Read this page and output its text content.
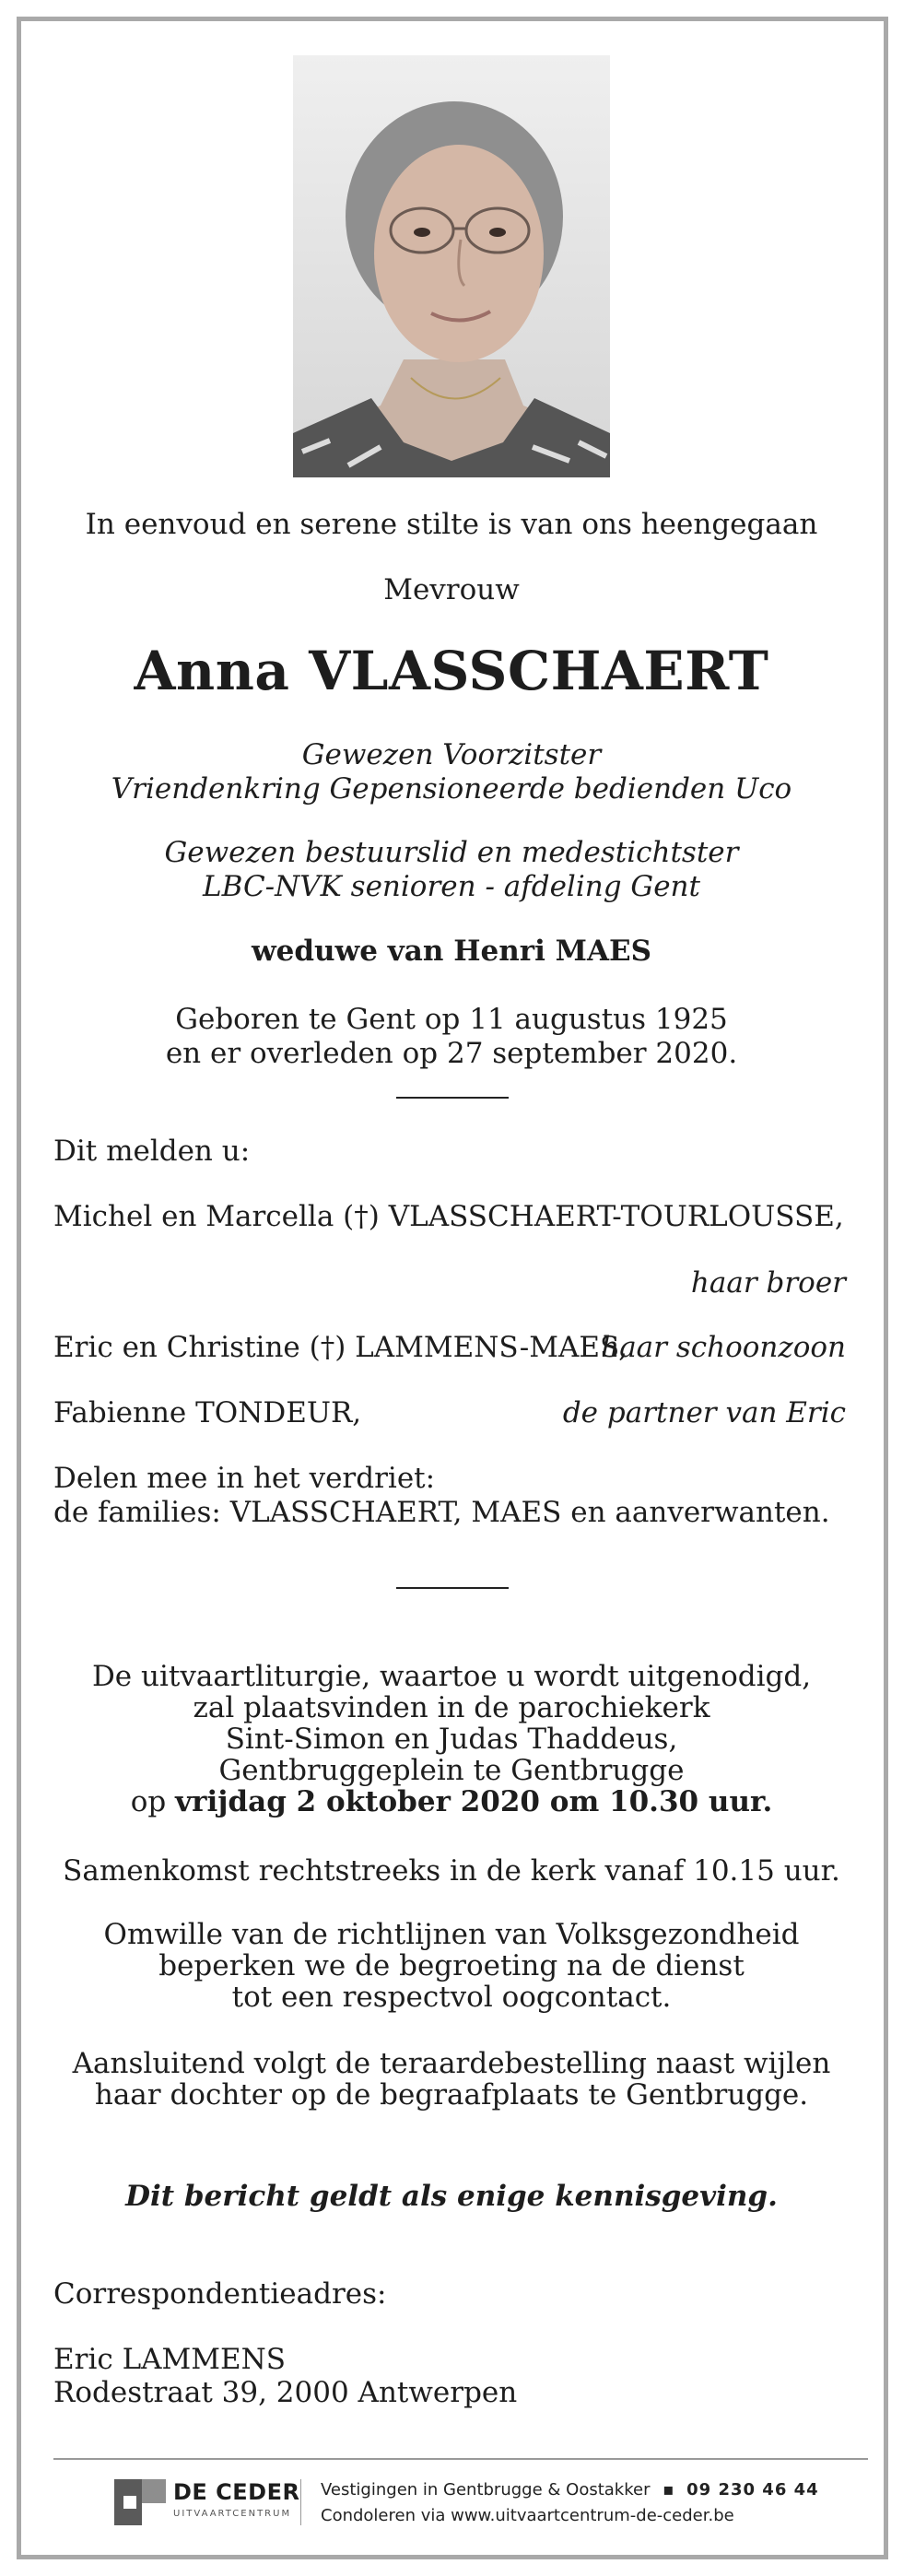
In eenvoud en serene stilte is van ons heengegaan
Mevrouw
Anna VLASSCHAERT
Gewezen Voorzitster
Vriendenkring Gepensioneerde bedienden Uco
Gewezen bestuurslid en medestichtster
LBC-NVK senioren - afdeling Gent
weduwe van Henri MAES
Geboren te Gent op 11 augustus 1925
en er overleden op 27 september 2020.
Dit melden u:
Michel en Marcella (†) VLASSCHAERT-TOURLOUSSE,
haar broer
Eric en Christine (†) LAMMENS-MAES,
haar schoonzoon
Fabienne TONDEUR,	de partner van Eric
Delen mee in het verdriet:
de families: VLASSCHAERT, MAES en aanverwanten.
De uitvaartliturgie, waartoe u wordt uitgenodigd,
zal plaatsvinden in de parochiekerk
Sint-Simon en Judas Thaddeus,
Gentbruggeplein te Gentbrugge
op vrijdag 2 oktober 2020 om 10.30 uur.
Samenkomst rechtstreeks in de kerk vanaf 10.15 uur.
Omwille van de richtlijnen van Volksgezondheid
beperken we de begroeting na de dienst
tot een respectvol oogcontact.
Aansluitend volgt de teraardebestelling naast wijlen
haar dochter op de begraafplaats te Gentbrugge.
Dit bericht geldt als enige kennisgeving.
Correspondentieadres:
Eric LAMMENS
Rodestraat 39, 2000 Antwerpen
DE CEDER
UITVAARTCENTRUM
Vestigingen in Gentbrugge & Oostakker ▪ 09 230 46 44
Condoleren via www.uitvaartcentrum-de-ceder.be
